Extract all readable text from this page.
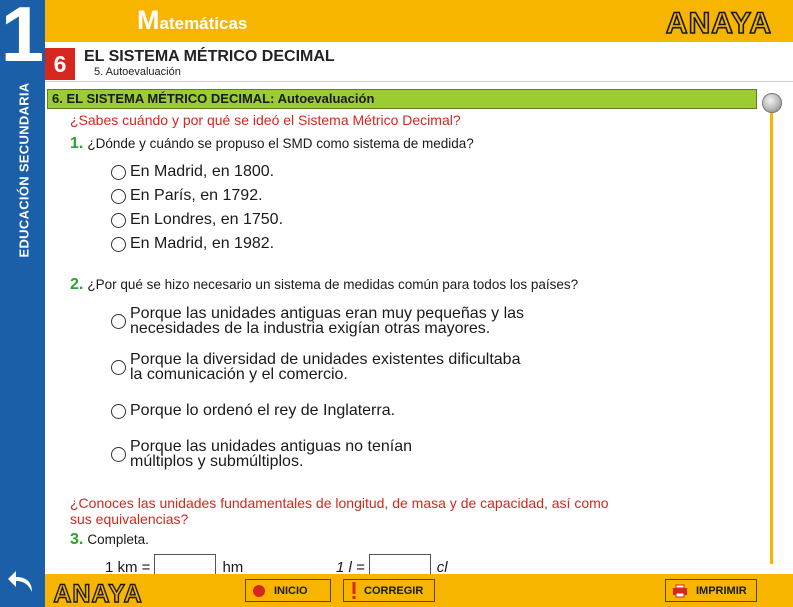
1
EDUCACIÓN SECUNDARIA
Matemáticas	ANAYA
6	EL SISTEMA MÉTRICO DECIMAL
5. Autoevaluación
6. EL SISTEMA MÉTRICO DECIMAL: Autoevaluación
¿Sabes cuándo y por qué se ideó el Sistema Métrico Decimal?
1. ¿Dónde y cuándo se propuso el SMD como sistema de medida?
En Madrid, en 1800.
En París, en 1792.
En Londres, en 1750.
En Madrid, en 1982.
2. ¿Por qué se hizo necesario un sistema de medidas común para todos los países?
Porque las unidades antiguas eran muy pequeñas y las
necesidades de la industria exigían otras mayores.
Porque la diversidad de unidades existentes dificultaba
la comunicación y el comercio.
Porque lo ordenó el rey de Inglaterra.
Porque las unidades antiguas no tenían
múltiplos y submúltiplos.
¿Conoces las unidades fundamentales de longitud, de masa y de capacidad, así como
sus equivalencias?
3. Completa.
1 km =	hm	1 l =	cl
ANAYA	INICIO	CORREGIR	IMPRIMIR
